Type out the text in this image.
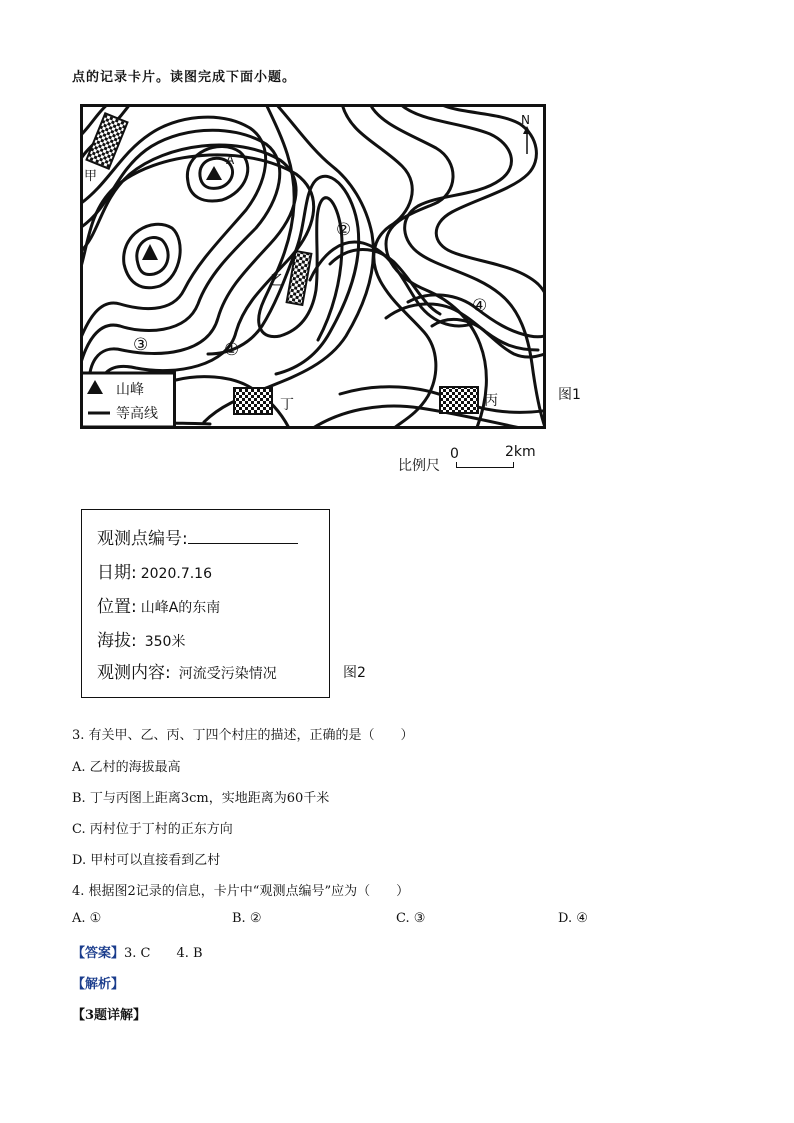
点的记录卡片。读图完成下面小题。
A
甲
乙
丁	丙
②
④
③	①
N
山峰
等高线
图1
比例尺
0	2km
观测点编号:
日期: 2020.7.16
位置: 山峰A的东南
海拔: 350米
观测内容: 河流受污染情况	图2
3. 有关甲、乙、丙、丁四个村庄的描述，正确的是（　　）
A. 乙村的海拔最高
B. 丁与丙图上距离3cm，实地距离为60千米
C. 丙村位于丁村的正东方向
D. 甲村可以直接看到乙村
4. 根据图2记录的信息，卡片中“观测点编号”应为（　　）
A. ①	B. ②	C. ③	D. ④
【答案】3. C　　4. B
【解析】
【3题详解】
